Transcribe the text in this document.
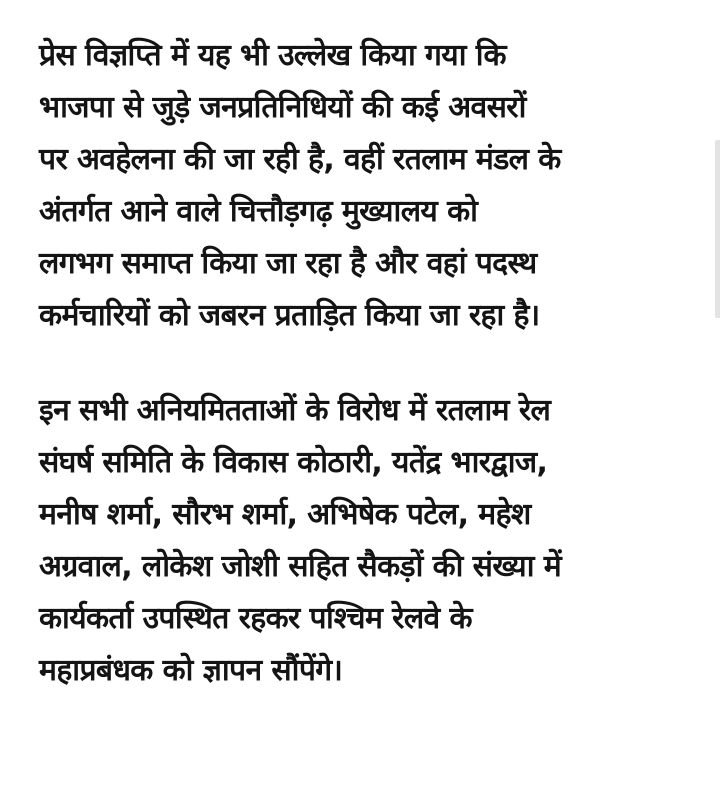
प्रेस विज्ञप्ति में यह भी उल्लेख किया गया कि
भाजपा से जुड़े जनप्रतिनिधियों की कई अवसरों
पर अवहेलना की जा रही है, वहीं रतलाम मंडल के
अंतर्गत आने वाले चित्तौड़गढ़ मुख्यालय को
लगभग समाप्त किया जा रहा है और वहां पदस्थ
कर्मचारियों को जबरन प्रताड़ित किया जा रहा है।

इन सभी अनियमितताओं के विरोध में रतलाम रेल
संघर्ष समिति के विकास कोठारी, यतेंद्र भारद्वाज,
मनीष शर्मा, सौरभ शर्मा, अभिषेक पटेल, महेश
अग्रवाल, लोकेश जोशी सहित सैकड़ों की संख्या में
कार्यकर्ता उपस्थित रहकर पश्चिम रेलवे के
महाप्रबंधक को ज्ञापन सौंपेंगे।
